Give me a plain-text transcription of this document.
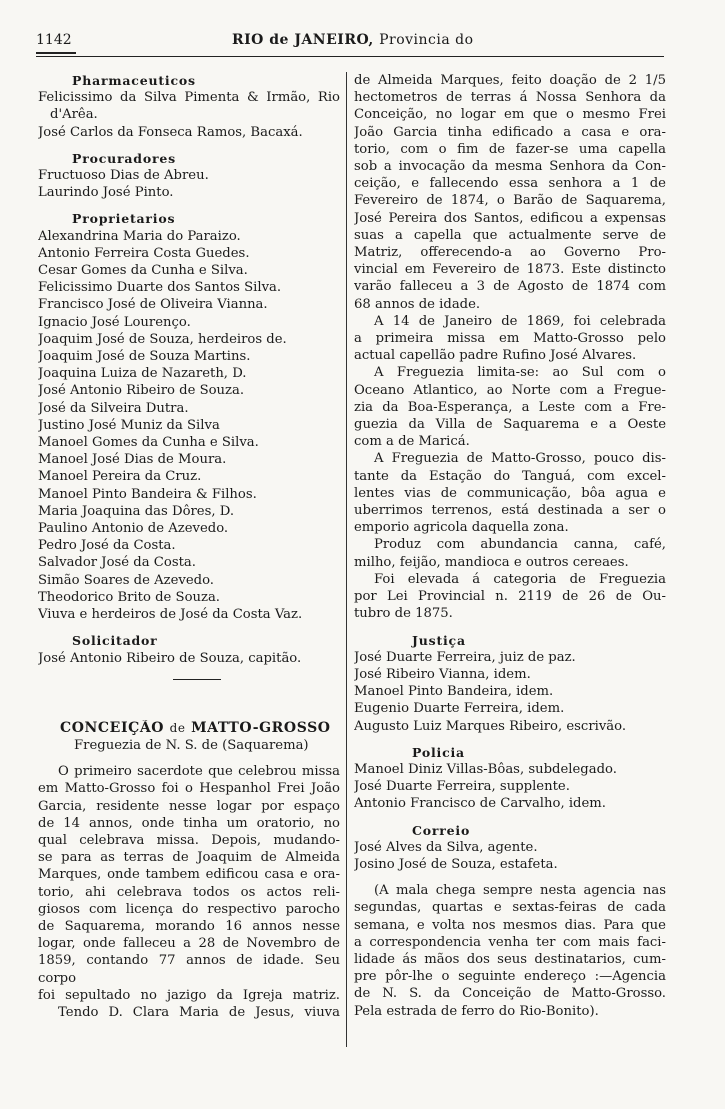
1142	RIO de JANEIRO, Provincia do
Pharmaceuticos
Felicissimo da Silva Pimenta & Irmão, Rio
d'Arêa.
José Carlos da Fonseca Ramos, Bacaxá.
Procuradores
Fructuoso Dias de Abreu.
Laurindo José Pinto.
Proprietarios
Alexandrina Maria do Paraizo.
Antonio Ferreira Costa Guedes.
Cesar Gomes da Cunha e Silva.
Felicissimo Duarte dos Santos Silva.
Francisco José de Oliveira Vianna.
Ignacio José Lourenço.
Joaquim José de Souza, herdeiros de.
Joaquim José de Souza Martins.
Joaquina Luiza de Nazareth, D.
José Antonio Ribeiro de Souza.
José da Silveira Dutra.
Justino José Muniz da Silva
Manoel Gomes da Cunha e Silva.
Manoel José Dias de Moura.
Manoel Pereira da Cruz.
Manoel Pinto Bandeira & Filhos.
Maria Joaquina das Dôres, D.
Paulino Antonio de Azevedo.
Pedro José da Costa.
Salvador José da Costa.
Simão Soares de Azevedo.
Theodorico Brito de Souza.
Viuva e herdeiros de José da Costa Vaz.
Solicitador
José Antonio Ribeiro de Souza, capitão.
CONCEIÇÃO de MATTO-GROSSO
Freguezia de N. S. de (Saquarema)
O primeiro sacerdote que celebrou missa
em Matto-Grosso foi o Hespanhol Frei João
Garcia, residente nesse logar por espaço
de 14 annos, onde tinha um oratorio, no
qual celebrava missa. Depois, mudando-
se para as terras de Joaquim de Almeida
Marques, onde tambem edificou casa e ora-
torio, ahi celebrava todos os actos reli-
giosos com licença do respectivo parocho
de Saquarema, morando 16 annos nesse
logar, onde falleceu a 28 de Novembro de
1859, contando 77 annos de idade. Seu corpo
foi sepultado no jazigo da Igreja matriz.
Tendo D. Clara Maria de Jesus, viuva
de Almeida Marques, feito doação de 2 1/5
hectometros de terras á Nossa Senhora da
Conceição, no logar em que o mesmo Frei
João Garcia tinha edificado a casa e ora-
torio, com o fim de fazer-se uma capella
sob a invocação da mesma Senhora da Con-
ceição, e fallecendo essa senhora a 1 de
Fevereiro de 1874, o Barão de Saquarema,
José Pereira dos Santos, edificou a expensas
suas a capella que actualmente serve de
Matriz, offerecendo-a ao Governo Pro-
vincial em Fevereiro de 1873. Este distincto
varão falleceu a 3 de Agosto de 1874 com
68 annos de idade.
A 14 de Janeiro de 1869, foi celebrada
a primeira missa em Matto-Grosso pelo
actual capellão padre Rufino José Alvares.
A Freguezia limita-se: ao Sul com o
Oceano Atlantico, ao Norte com a Fregue-
zia da Boa-Esperança, a Leste com a Fre-
guezia da Villa de Saquarema e a Oeste
com a de Maricá.
A Freguezia de Matto-Grosso, pouco dis-
tante da Estação do Tanguá, com excel-
lentes vias de communicação, bôa agua e
uberrimos terrenos, está destinada a ser o
emporio agricola daquella zona.
Produz com abundancia canna, café,
milho, feijão, mandioca e outros cereaes.
Foi elevada á categoria de Freguezia
por Lei Provincial n. 2119 de 26 de Ou-
tubro de 1875.
Justiça
José Duarte Ferreira, juiz de paz.
José Ribeiro Vianna, idem.
Manoel Pinto Bandeira, idem.
Eugenio Duarte Ferreira, idem.
Augusto Luiz Marques Ribeiro, escrivão.
Policia
Manoel Diniz Villas-Bôas, subdelegado.
José Duarte Ferreira, supplente.
Antonio Francisco de Carvalho, idem.
Correio
José Alves da Silva, agente.
Josino José de Souza, estafeta.
(A mala chega sempre nesta agencia nas
segundas, quartas e sextas-feiras de cada
semana, e volta nos mesmos dias. Para que
a correspondencia venha ter com mais faci-
lidade ás mãos dos seus destinatarios, cum-
pre pôr-lhe o seguinte endereço :—Agencia
de N. S. da Conceição de Matto-Grosso.
Pela estrada de ferro do Rio-Bonito).
